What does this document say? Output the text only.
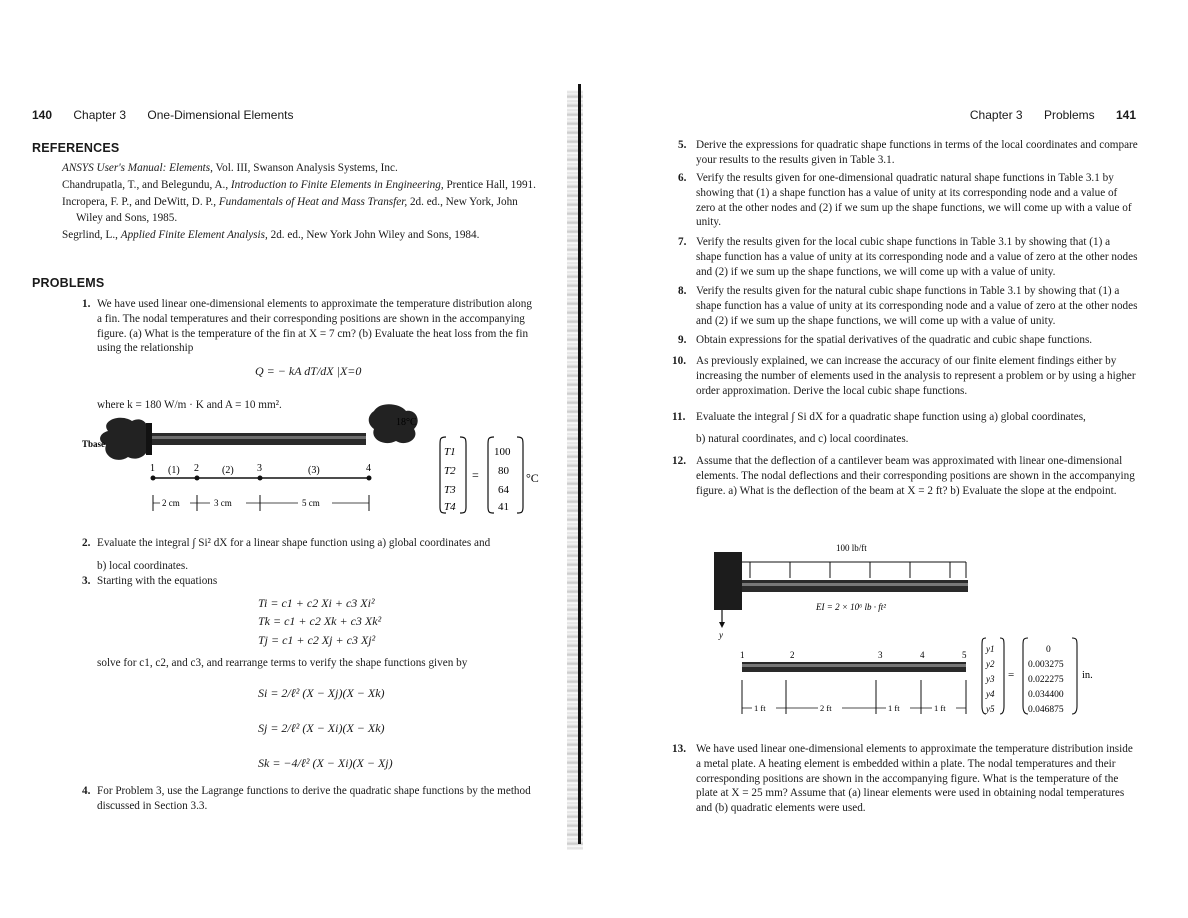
140 Chapter 3 One-Dimensional Elements
REFERENCES

ANSYS User's Manual: Elements, Vol. III, Swanson Analysis Systems, Inc.

Chandrupatla, T., and Belegundu, A., Introduction to Finite Elements in Engineering, Prentice Hall, 1991.

Incropera, F. P., and DeWitt, D. P., Fundamentals of Heat and Mass Transfer, 2d. ed., New York, John Wiley and Sons, 1985.

Segrlind, L., Applied Finite Element Analysis, 2d. ed., New York John Wiley and Sons, 1984.

PROBLEMS
1. We have used linear one-dimensional elements to approximate the temperature distribution along a fin. The nodal temperatures and their corresponding positions are shown in the accompanying figure. (a) What is the temperature of the fin at X = 7 cm? (b) Evaluate the heat loss from the fin using the relationship
Q = − kA dT/dX |X=0
where k = 180 W/m · K and A = 10 mm².
Tbase
18°C
1	2	3	4
(1)	(2)	(3)
2 cm	3 cm	5 cm
T1
T2
T3
T4
=
100
80
64
41
°C
2. Evaluate the integral ∫ Si² dX for a linear shape function using a) global coordinates and
b) local coordinates.
3. Starting with the equations
Ti = c1 + c2 Xi + c3 Xi²
Tk = c1 + c2 Xk + c3 Xk²
Tj = c1 + c2 Xj + c3 Xj²
solve for c1, c2, and c3, and rearrange terms to verify the shape functions given by
Si = 2/ℓ² (X − Xj)(X − Xk)
Sj = 2/ℓ² (X − Xi)(X − Xk)
Sk = −4/ℓ² (X − Xi)(X − Xj)
4. For Problem 3, use the Lagrange functions to derive the quadratic shape functions by the method discussed in Section 3.3.
Chapter 3 Problems 141
5. Derive the expressions for quadratic shape functions in terms of the local coordinates and compare your results to the results given in Table 3.1.
6. Verify the results given for one-dimensional quadratic natural shape functions in Table 3.1 by showing that (1) a shape function has a value of unity at its corresponding node and a value of zero at the other nodes and (2) if we sum up the shape functions, we will come up with a value of unity.
7. Verify the results given for the local cubic shape functions in Table 3.1 by showing that (1) a shape function has a value of unity at its corresponding node and a value of zero at the other nodes and (2) if we sum up the shape functions, we will come up with a value of unity.
8. Verify the results given for the natural cubic shape functions in Table 3.1 by showing that (1) a shape function has a value of unity at its corresponding node and a value of zero at the other nodes and (2) if we sum up the shape functions, we will come up with a value of unity.
9. Obtain expressions for the spatial derivatives of the quadratic and cubic shape functions.
10. As previously explained, we can increase the accuracy of our finite element findings either by increasing the number of elements used in the analysis to represent a problem or by using a higher order approximation. Derive the local cubic shape functions.
11. Evaluate the integral ∫ Si dX for a quadratic shape function using a) global coordinates,
b) natural coordinates, and c) local coordinates.
12. Assume that the deflection of a cantilever beam was approximated with linear one-dimensional elements. The nodal deflections and their corresponding positions are shown in the accompanying figure. a) What is the deflection of the beam at X = 2 ft? b) Evaluate the slope at the endpoint.
100 lb/ft
EI = 2 × 10⁶ lb · ft²
y
1	2	3	4	5
1 ft	2 ft	1 ft	1 ft
y1
y2
y3
y4
y5
=
0
0.003275
0.022275
0.034400
0.046875
in.
13. We have used linear one-dimensional elements to approximate the temperature distribution inside a metal plate. A heating element is embedded within a plate. The nodal temperatures and their corresponding positions are shown in the accompanying figure. What is the temperature of the plate at X = 25 mm? Assume that (a) linear elements were used in obtaining nodal temperatures and (b) quadratic elements were used.
